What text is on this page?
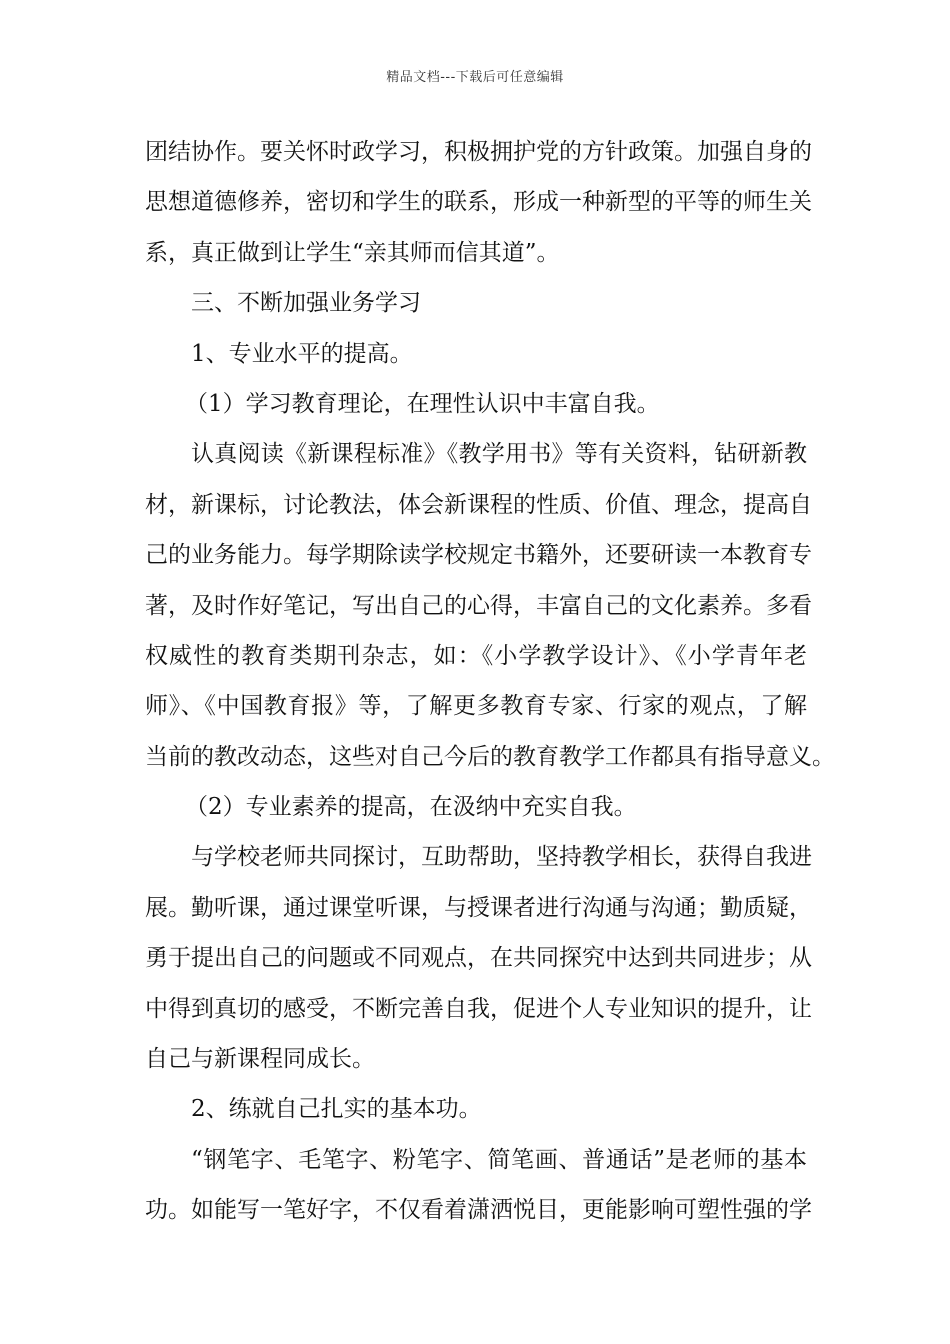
精品文档---下载后可任意编辑
团结协作。要关怀时政学习，积极拥护党的方针政策。加强自身的
思想道德修养，密切和学生的联系，形成一种新型的平等的师生关
系，真正做到让学生“亲其师而信其道”。
三、不断加强业务学习
1、专业水平的提高。
（1）学习教育理论，在理性认识中丰富自我。
认真阅读《新课程标准》《教学用书》等有关资料，钻研新教
材，新课标，讨论教法，体会新课程的性质、价值、理念，提高自
己的业务能力。每学期除读学校规定书籍外，还要研读一本教育专
著，及时作好笔记，写出自己的心得，丰富自己的文化素养。多看
权威性的教育类期刊杂志，如：《小学教学设计》、《小学青年老
师》、《中国教育报》等，了解更多教育专家、行家的观点，了解
当前的教改动态，这些对自己今后的教育教学工作都具有指导意义。
（2）专业素养的提高，在汲纳中充实自我。
与学校老师共同探讨，互助帮助，坚持教学相长，获得自我进
展。勤听课，通过课堂听课，与授课者进行沟通与沟通；勤质疑，
勇于提出自己的问题或不同观点，在共同探究中达到共同进步；从
中得到真切的感受，不断完善自我，促进个人专业知识的提升，让
自己与新课程同成长。
2、练就自己扎实的基本功。
“钢笔字、毛笔字、粉笔字、简笔画、普通话”是老师的基本
功。如能写一笔好字，不仅看着潇洒悦目，更能影响可塑性强的学
